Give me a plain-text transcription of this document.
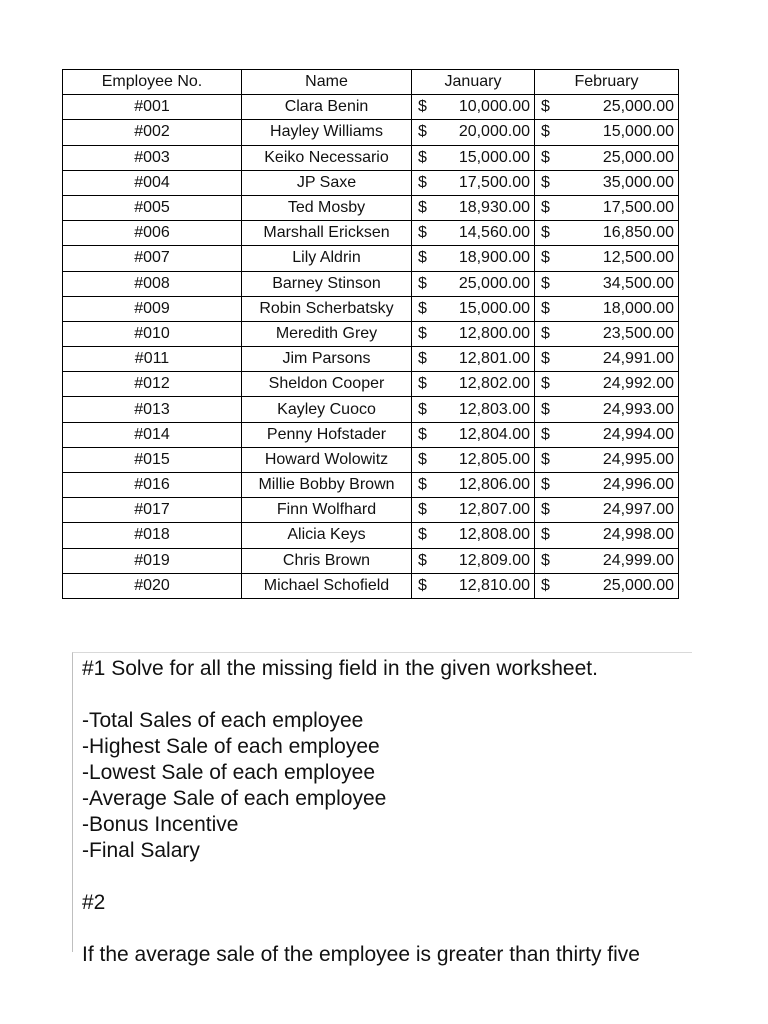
Employee No.	Name	January	February
#001	Clara Benin	$ 10,000.00	$ 25,000.00

#002	Hayley Williams	$ 20,000.00	$ 15,000.00

#003	Keiko Necessario	$ 15,000.00	$ 25,000.00

#004	JP Saxe	$ 17,500.00	$ 35,000.00

#005	Ted Mosby	$ 18,930.00	$ 17,500.00

#006	Marshall Ericksen	$ 14,560.00	$ 16,850.00

#007	Lily Aldrin	$ 18,900.00	$ 12,500.00

#008	Barney Stinson	$ 25,000.00	$ 34,500.00

#009	Robin Scherbatsky	$ 15,000.00	$ 18,000.00

#010	Meredith Grey	$ 12,800.00	$ 23,500.00

#011	Jim Parsons	$ 12,801.00	$ 24,991.00

#012	Sheldon Cooper	$ 12,802.00	$ 24,992.00

#013	Kayley Cuoco	$ 12,803.00	$ 24,993.00

#014	Penny Hofstader	$ 12,804.00	$ 24,994.00

#015	Howard Wolowitz	$ 12,805.00	$ 24,995.00

#016	Millie Bobby Brown	$ 12,806.00	$ 24,996.00

#017	Finn Wolfhard	$ 12,807.00	$ 24,997.00

#018	Alicia Keys	$ 12,808.00	$ 24,998.00

#019	Chris Brown	$ 12,809.00	$ 24,999.00

#020	Michael Schofield	$ 12,810.00	$ 25,000.00

#1 Solve for all the missing field in the given worksheet.

-Total Sales of each employee

-Highest Sale of each employee

-Lowest Sale of each employee

-Average Sale of each employee

-Bonus Incentive

-Final Salary

#2

If the average sale of the employee is greater than thirty five
